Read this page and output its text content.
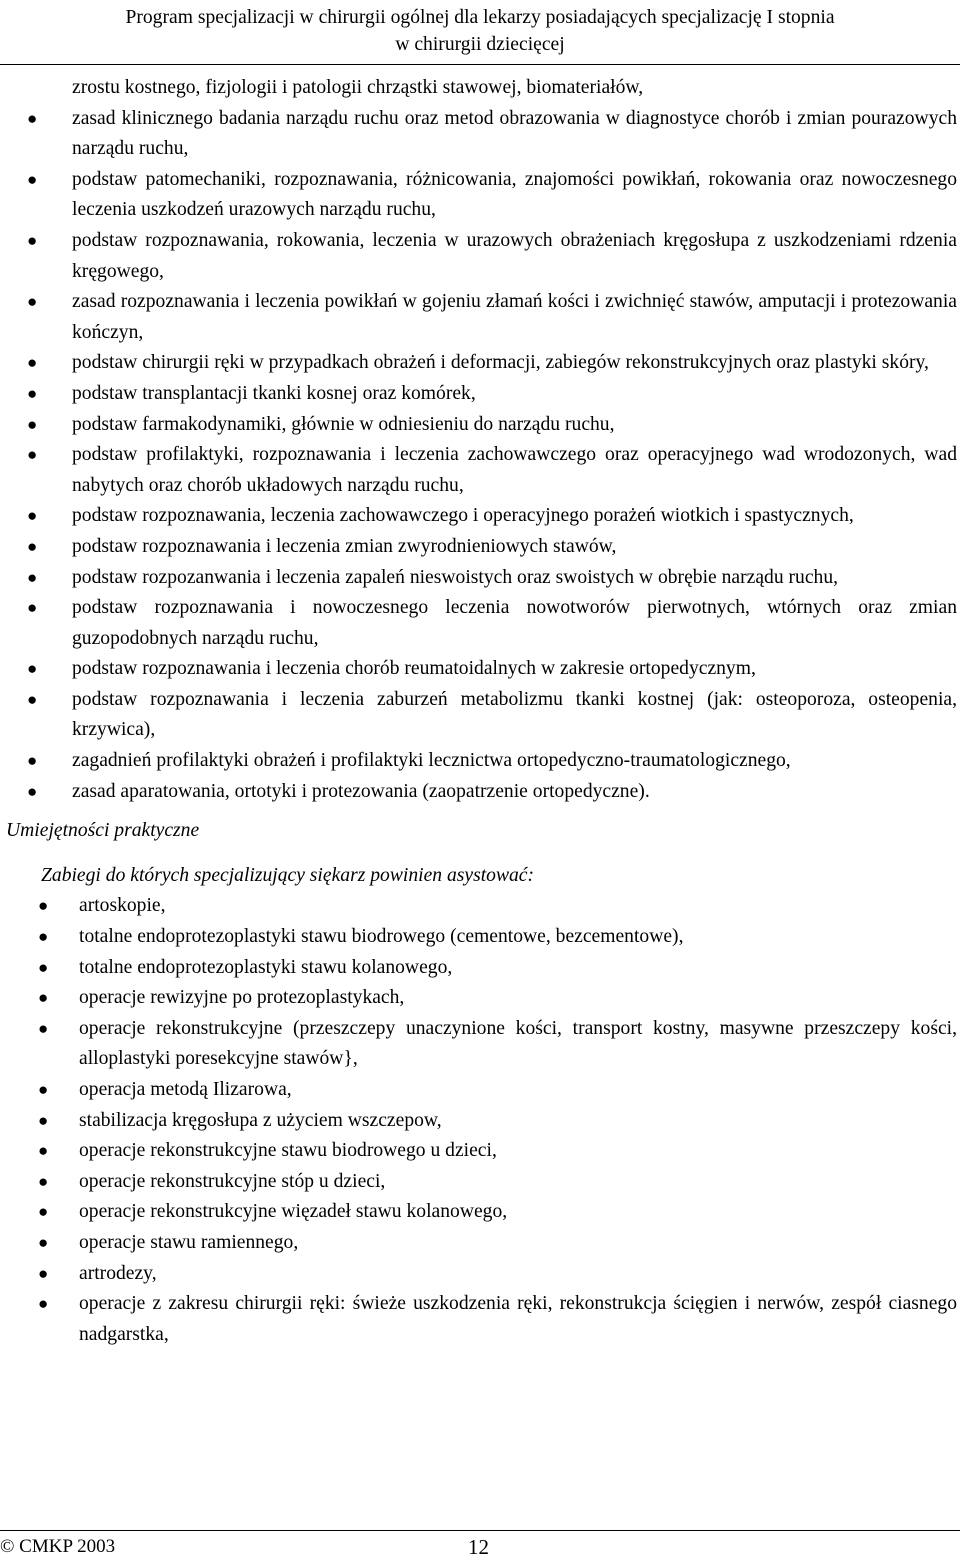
Program specjalizacji w chirurgii ogólnej dla lekarzy posiadających specjalizację I stopnia
w chirurgii dziecięcej
zrostu kostnego, fizjologii i patologii chrząstki stawowej, biomateriałów,
● zasad klinicznego badania narządu ruchu oraz metod obrazowania w diagnostyce chorób i zmian pourazowych narządu ruchu,
● podstaw patomechaniki, rozpoznawania, różnicowania, znajomości powikłań, rokowania oraz nowoczesnego leczenia uszkodzeń urazowych narządu ruchu,
● podstaw rozpoznawania, rokowania, leczenia w urazowych obrażeniach kręgosłupa z uszkodzeniami rdzenia kręgowego,
● zasad rozpoznawania i leczenia powikłań w gojeniu złamań kości i zwichnięć stawów, amputacji i protezowania kończyn,
● podstaw chirurgii ręki w przypadkach obrażeń i deformacji, zabiegów rekonstrukcyjnych oraz plastyki skóry,
● podstaw transplantacji tkanki kosnej oraz komórek,
● podstaw farmakodynamiki, głównie w odniesieniu do narządu ruchu,
● podstaw profilaktyki, rozpoznawania i leczenia zachowawczego oraz operacyjnego wad wrodozonych, wad nabytych oraz chorób układowych narządu ruchu,
● podstaw rozpoznawania, leczenia zachowawczego i operacyjnego porażeń wiotkich i spastycznych,
● podstaw rozpoznawania i leczenia zmian zwyrodnieniowych stawów,
● podstaw rozpozanwania i leczenia zapaleń nieswoistych oraz swoistych w obrębie narządu ruchu,
● podstaw rozpoznawania i nowoczesnego leczenia nowotworów pierwotnych, wtórnych oraz zmian guzopodobnych narządu ruchu,
● podstaw rozpoznawania i leczenia chorób reumatoidalnych w zakresie ortopedycznym,
● podstaw rozpoznawania i leczenia zaburzeń metabolizmu tkanki kostnej (jak: osteoporoza, osteopenia, krzywica),
● zagadnień profilaktyki obrażeń i profilaktyki lecznictwa ortopedyczno-traumatologicznego,
● zasad aparatowania, ortotyki i protezowania (zaopatrzenie ortopedyczne).
Umiejętności praktyczne
Zabiegi do których specjalizujący siękarz powinien asystować:
● artoskopie,
● totalne endoprotezoplastyki stawu biodrowego (cementowe, bezcementowe),
● totalne endoprotezoplastyki stawu kolanowego,
● operacje rewizyjne po protezoplastykach,
● operacje rekonstrukcyjne (przeszczepy unaczynione kości, transport kostny, masywne przeszczepy kości, alloplastyki poresekcyjne stawów},
● operacja metodą Ilizarowa,
● stabilizacja kręgosłupa z użyciem wszczepow,
● operacje rekonstrukcyjne stawu biodrowego u dzieci,
● operacje rekonstrukcyjne stóp u dzieci,
● operacje rekonstrukcyjne więzadeł stawu kolanowego,
● operacje stawu ramiennego,
● artrodezy,
● operacje z zakresu chirurgii ręki: świeże uszkodzenia ręki, rekonstrukcja ścięgien i nerwów, zespół ciasnego nadgarstka,
© CMKP 2003	12
